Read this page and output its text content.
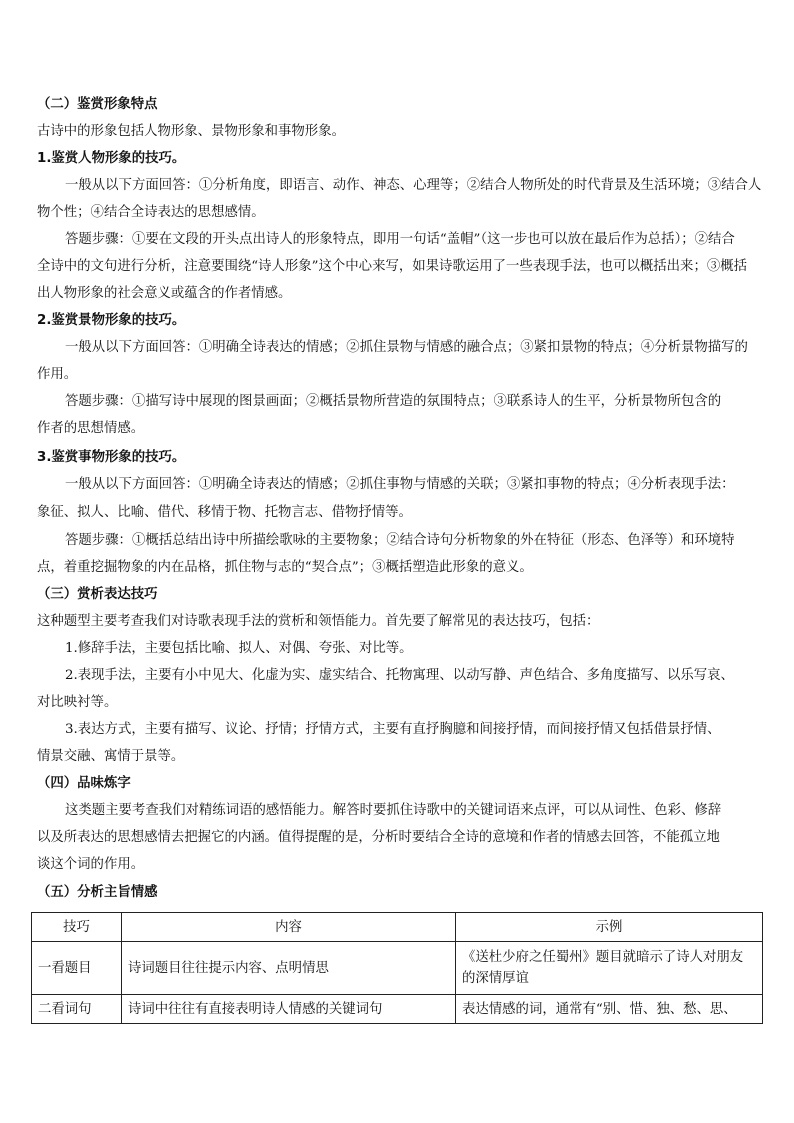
（二）鉴赏形象特点
古诗中的形象包括人物形象、景物形象和事物形象。
1.鉴赏人物形象的技巧。
一般从以下方面回答：①分析角度，即语言、动作、神态、心理等；②结合人物所处的时代背景及生活环境；③结合人
物个性；④结合全诗表达的思想感情。
答题步骤：①要在文段的开头点出诗人的形象特点，即用一句话“盖帽”（这一步也可以放在最后作为总括）；②结合
全诗中的文句进行分析，注意要围绕“诗人形象”这个中心来写，如果诗歌运用了一些表现手法，也可以概括出来；③概括
出人物形象的社会意义或蕴含的作者情感。
2.鉴赏景物形象的技巧。
一般从以下方面回答：①明确全诗表达的情感；②抓住景物与情感的融合点；③紧扣景物的特点；④分析景物描写的
作用。
答题步骤：①描写诗中展现的图景画面；②概括景物所营造的氛围特点；③联系诗人的生平，分析景物所包含的
作者的思想情感。
3.鉴赏事物形象的技巧。
一般从以下方面回答：①明确全诗表达的情感；②抓住事物与情感的关联；③紧扣事物的特点；④分析表现手法：
象征、拟人、比喻、借代、移情于物、托物言志、借物抒情等。
答题步骤：①概括总结出诗中所描绘歌咏的主要物象；②结合诗句分析物象的外在特征（形态、色泽等）和环境特
点，着重挖掘物象的内在品格，抓住物与志的“契合点”；③概括塑造此形象的意义。
（三）赏析表达技巧
这种题型主要考查我们对诗歌表现手法的赏析和领悟能力。首先要了解常见的表达技巧，包括：
1.修辞手法，主要包括比喻、拟人、对偶、夸张、对比等。
2.表现手法，主要有小中见大、化虚为实、虚实结合、托物寓理、以动写静、声色结合、多角度描写、以乐写哀、
对比映衬等。
3.表达方式，主要有描写、议论、抒情；抒情方式，主要有直抒胸臆和间接抒情，而间接抒情又包括借景抒情、
情景交融、寓情于景等。
（四）品味炼字
这类题主要考查我们对精练词语的感悟能力。解答时要抓住诗歌中的关键词语来点评，可以从词性、色彩、修辞
以及所表达的思想感情去把握它的内涵。值得提醒的是，分析时要结合全诗的意境和作者的情感去回答，不能孤立地
谈这个词的作用。
（五）分析主旨情感
技巧	内容	示例
一看题目	诗词题目往往提示内容、点明情思	《送杜少府之任蜀州》题目就暗示了诗人对朋友的深情厚谊
二看词句	诗词中往往有直接表明诗人情感的关键词句	表达情感的词，通常有“别、惜、独、愁、思、
